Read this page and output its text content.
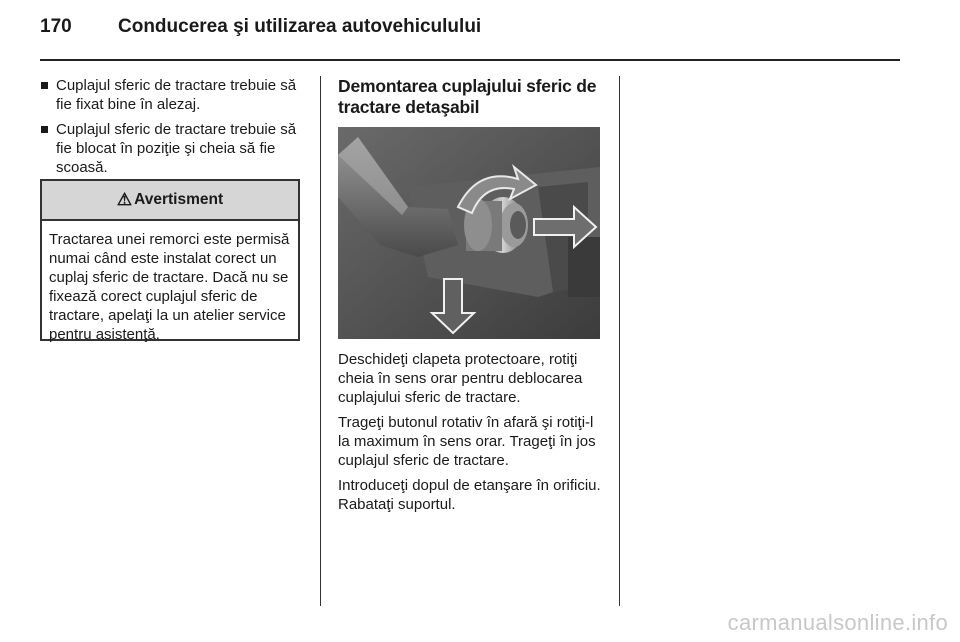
170 Conducerea şi utilizarea autovehiculului
Cuplajul sferic de tractare trebuie să fie fixat bine în alezaj.
Cuplajul sferic de tractare trebuie să fie blocat în poziţie şi cheia să fie scoasă.
⚠ Avertisment
Tractarea unei remorci este permisă numai când este instalat corect un cuplaj sferic de tractare. Dacă nu se fixează corect cuplajul sferic de tractare, apelaţi la un atelier service pentru asistenţă.
Demontarea cuplajului sferic de tractare detaşabil

Deschideţi clapeta protectoare, rotiţi cheia în sens orar pentru deblocarea cuplajului sferic de tractare.

Trageţi butonul rotativ în afară şi rotiţi-l la maximum în sens orar. Trageţi în jos cuplajul sferic de tractare.

Introduceţi dopul de etanşare în orificiu. Rabataţi suportul.

carmanualsonline.info
